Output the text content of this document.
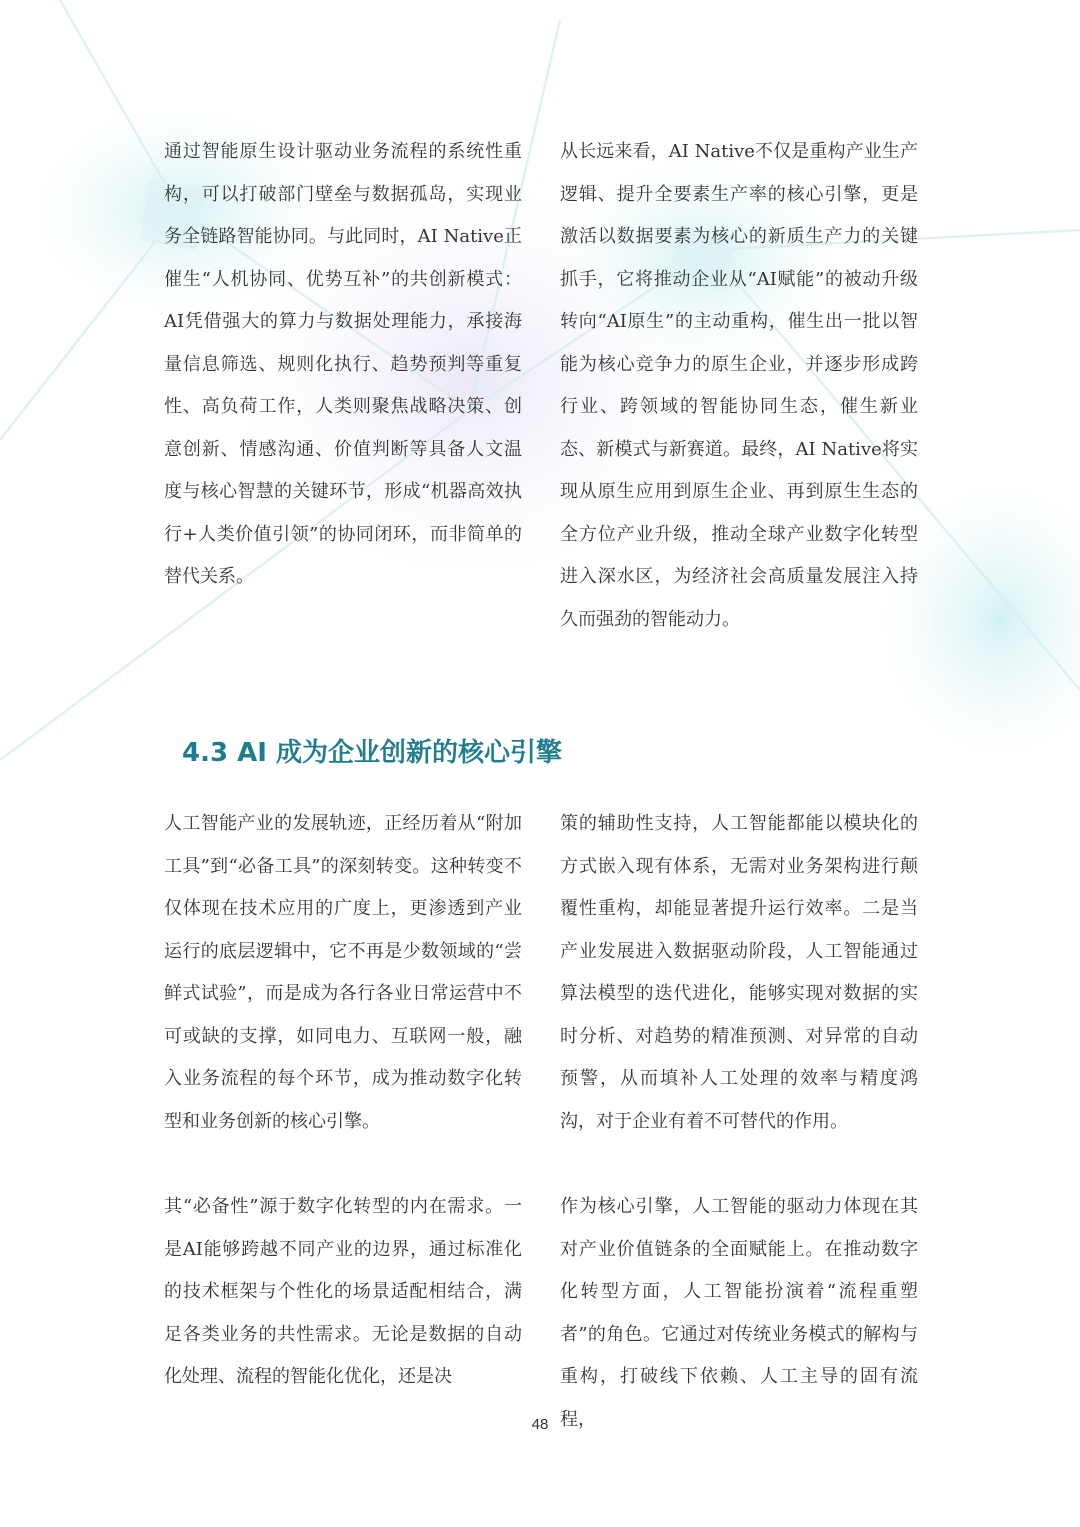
通过智能原生设计驱动业务流程的系统性重构，可以打破部门壁垒与数据孤岛，实现业务全链路智能协同。与此同时，AI Native正催生“人机协同、优势互补”的共创新模式：AI凭借强大的算力与数据处理能力，承接海量信息筛选、规则化执行、趋势预判等重复性、高负荷工作，人类则聚焦战略决策、创意创新、情感沟通、价值判断等具备人文温度与核心智慧的关键环节，形成“机器高效执行+人类价值引领”的协同闭环，而非简单的替代关系。

从长远来看，AI Native不仅是重构产业生产逻辑、提升全要素生产率的核心引擎，更是激活以数据要素为核心的新质生产力的关键抓手，它将推动企业从“AI赋能”的被动升级转向“AI原生”的主动重构，催生出一批以智能为核心竞争力的原生企业，并逐步形成跨行业、跨领域的智能协同生态，催生新业态、新模式与新赛道。最终，AI Native将实现从原生应用到原生企业、再到原生生态的全方位产业升级，推动全球产业数字化转型进入深水区，为经济社会高质量发展注入持久而强劲的智能动力。

4.3 AI 成为企业创新的核心引擎

人工智能产业的发展轨迹，正经历着从“附加工具”到“必备工具”的深刻转变。这种转变不仅体现在技术应用的广度上，更渗透到产业运行的底层逻辑中，它不再是少数领域的“尝鲜式试验”，而是成为各行各业日常运营中不可或缺的支撑，如同电力、互联网一般，融入业务流程的每个环节，成为推动数字化转型和业务创新的核心引擎。

策的辅助性支持，人工智能都能以模块化的方式嵌入现有体系，无需对业务架构进行颠覆性重构，却能显著提升运行效率。二是当产业发展进入数据驱动阶段，人工智能通过算法模型的迭代进化，能够实现对数据的实时分析、对趋势的精准预测、对异常的自动预警，从而填补人工处理的效率与精度鸿沟，对于企业有着不可替代的作用。

其“必备性”源于数字化转型的内在需求。一是AI能够跨越不同产业的边界，通过标准化的技术框架与个性化的场景适配相结合，满足各类业务的共性需求。无论是数据的自动化处理、流程的智能化优化，还是决

作为核心引擎，人工智能的驱动力体现在其对产业价值链条的全面赋能上。在推动数字化转型方面，人工智能扮演着“流程重塑者”的角色。它通过对传统业务模式的解构与重构，打破线下依赖、人工主导的固有流程，

48
